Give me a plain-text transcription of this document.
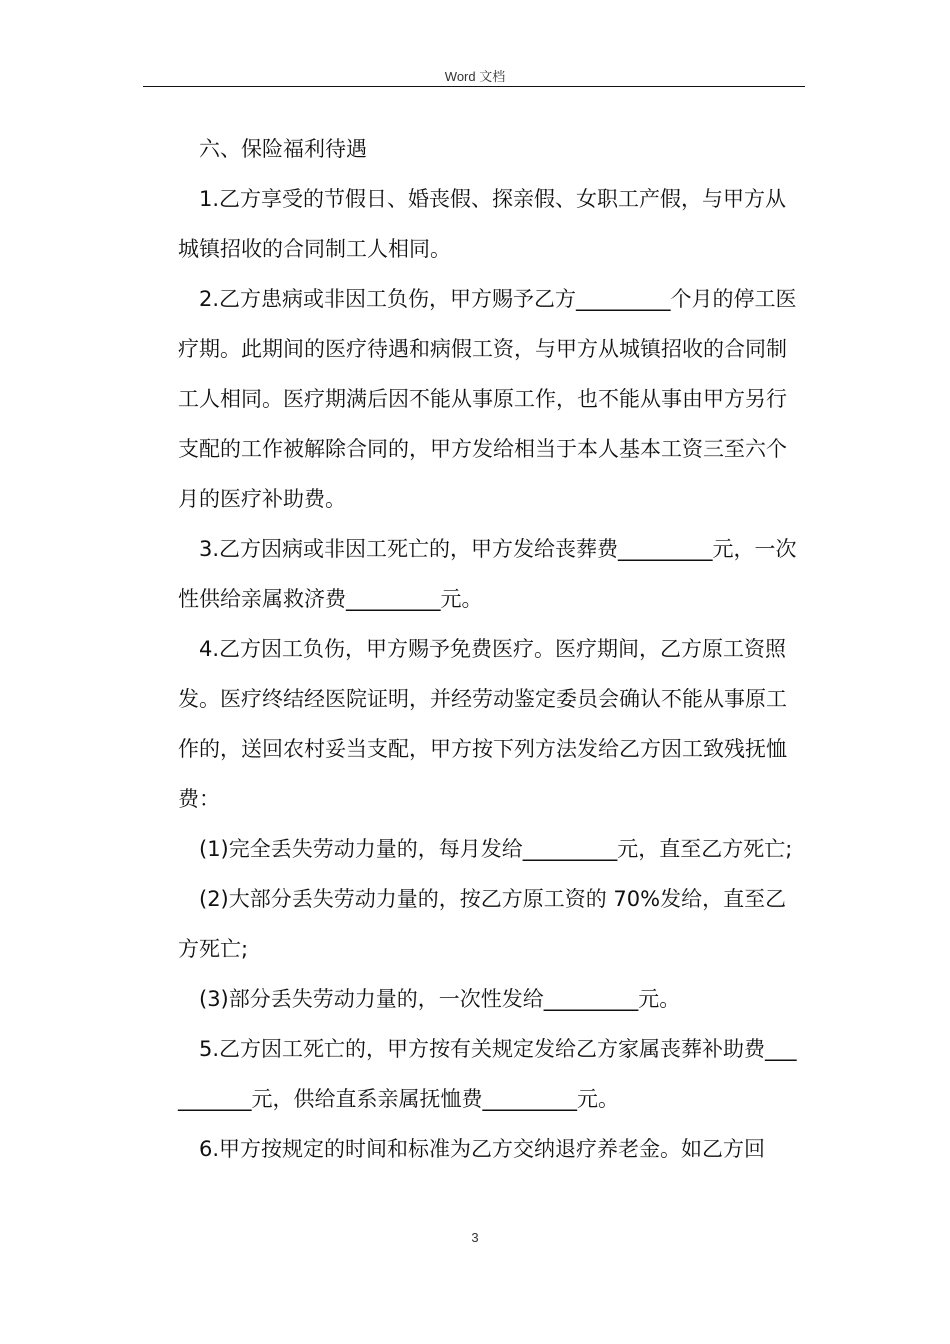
Word 文档

六、保险福利待遇

1.乙方享受的节假日、婚丧假、探亲假、女职工产假，与甲方从城镇招收的合同制工人相同。

2.乙方患病或非因工负伤，甲方赐予乙方_________个月的停工医疗期。此期间的医疗待遇和病假工资，与甲方从城镇招收的合同制工人相同。医疗期满后因不能从事原工作，也不能从事由甲方另行支配的工作被解除合同的，甲方发给相当于本人基本工资三至六个月的医疗补助费。

3.乙方因病或非因工死亡的，甲方发给丧葬费_________元，一次性供给亲属救济费_________元。

4.乙方因工负伤，甲方赐予免费医疗。医疗期间，乙方原工资照发。医疗终结经医院证明，并经劳动鉴定委员会确认不能从事原工作的，送回农村妥当支配，甲方按下列方法发给乙方因工致残抚恤费：

(1)完全丢失劳动力量的，每月发给_________元，直至乙方死亡;

(2)大部分丢失劳动力量的，按乙方原工资的 70%发给，直至乙方死亡;

(3)部分丢失劳动力量的，一次性发给_________元。

5.乙方因工死亡的，甲方按有关规定发给乙方家属丧葬补助费__________元，供给直系亲属抚恤费_________元。

6.甲方按规定的时间和标准为乙方交纳退疗养老金。如乙方回

3
